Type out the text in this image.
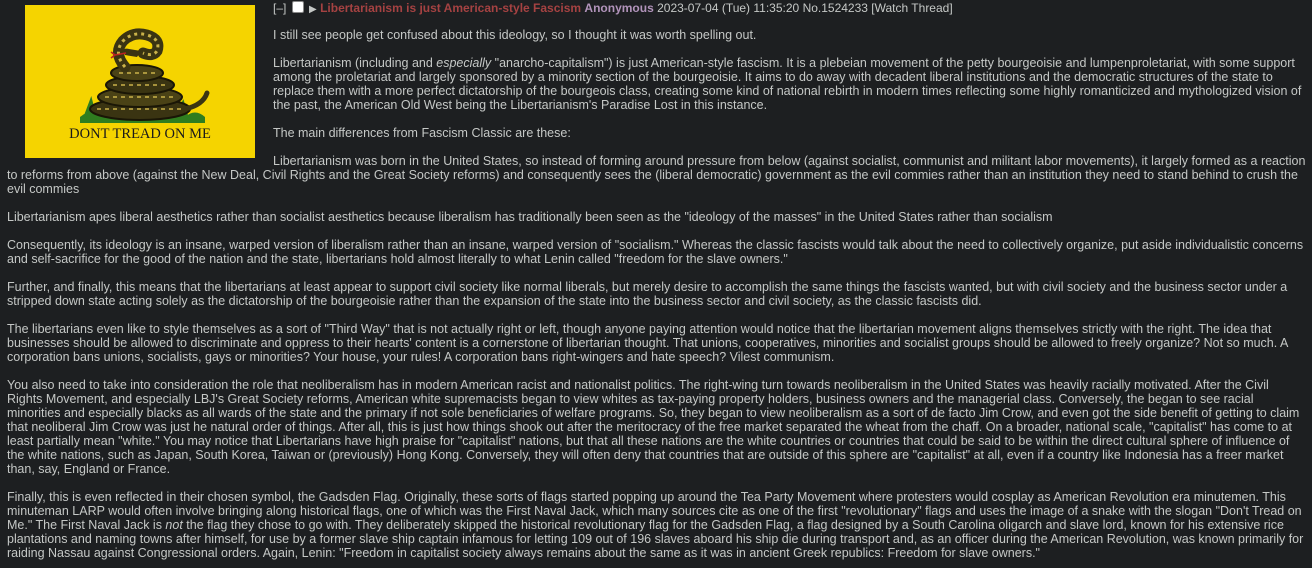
DONT TREAD ON ME
[–] ▶ Libertarianism is just American-style Fascism Anonymous 2023-07-04 (Tue) 11:35:20 No.1524233 [Watch Thread]

I still see people get confused about this ideology, so I thought it was worth spelling out.

Libertarianism (including and especially "anarcho-capitalism") is just American-style fascism. It is a plebeian movement of the petty bourgeoisie and lumpenproletariat, with some support among the proletariat and largely sponsored by a minority section of the bourgeoisie. It aims to do away with decadent liberal institutions and the democratic structures of the state to replace them with a more perfect dictatorship of the bourgeois class, creating some kind of national rebirth in modern times reflecting some highly romanticized and mythologized vision of the past, the American Old West being the Libertarianism's Paradise Lost in this instance.

The main differences from Fascism Classic are these:

Libertarianism was born in the United States, so instead of forming around pressure from below (against socialist, communist and militant labor movements), it largely formed as a reaction to reforms from above (against the New Deal, Civil Rights and the Great Society reforms) and consequently sees the (liberal democratic) government as the evil commies rather than an institution they need to stand behind to crush the evil commies

Libertarianism apes liberal aesthetics rather than socialist aesthetics because liberalism has traditionally been seen as the "ideology of the masses" in the United States rather than socialism

Consequently, its ideology is an insane, warped version of liberalism rather than an insane, warped version of "socialism." Whereas the classic fascists would talk about the need to collectively organize, put aside individualistic concerns and self-sacrifice for the good of the nation and the state, libertarians hold almost literally to what Lenin called "freedom for the slave owners."

Further, and finally, this means that the libertarians at least appear to support civil society like normal liberals, but merely desire to accomplish the same things the fascists wanted, but with civil society and the business sector under a stripped down state acting solely as the dictatorship of the bourgeoisie rather than the expansion of the state into the business sector and civil society, as the classic fascists did.

The libertarians even like to style themselves as a sort of "Third Way" that is not actually right or left, though anyone paying attention would notice that the libertarian movement aligns themselves strictly with the right. The idea that businesses should be allowed to discriminate and oppress to their hearts' content is a cornerstone of libertarian thought. That unions, cooperatives, minorities and socialist groups should be allowed to freely organize? Not so much. A corporation bans unions, socialists, gays or minorities? Your house, your rules! A corporation bans right-wingers and hate speech? Vilest communism.

You also need to take into consideration the role that neoliberalism has in modern American racist and nationalist politics. The right-wing turn towards neoliberalism in the United States was heavily racially motivated. After the Civil Rights Movement, and especially LBJ's Great Society reforms, American white supremacists began to view whites as tax-paying property holders, business owners and the managerial class. Conversely, the began to see racial minorities and especially blacks as all wards of the state and the primary if not sole beneficiaries of welfare programs. So, they began to view neoliberalism as a sort of de facto Jim Crow, and even got the side benefit of getting to claim that neoliberal Jim Crow was just he natural order of things. After all, this is just how things shook out after the meritocracy of the free market separated the wheat from the chaff. On a broader, national scale, "capitalist" has come to at least partially mean "white." You may notice that Libertarians have high praise for "capitalist" nations, but that all these nations are the white countries or countries that could be said to be within the direct cultural sphere of influence of the white nations, such as Japan, South Korea, Taiwan or (previously) Hong Kong. Conversely, they will often deny that countries that are outside of this sphere are "capitalist" at all, even if a country like Indonesia has a freer market than, say, England or France.

Finally, this is even reflected in their chosen symbol, the Gadsden Flag. Originally, these sorts of flags started popping up around the Tea Party Movement where protesters would cosplay as American Revolution era minutemen. This minuteman LARP would often involve bringing along historical flags, one of which was the First Naval Jack, which many sources cite as one of the first "revolutionary" flags and uses the image of a snake with the slogan "Don't Tread on Me." The First Naval Jack is not the flag they chose to go with. They deliberately skipped the historical revolutionary flag for the Gadsden Flag, a flag designed by a South Carolina oligarch and slave lord, known for his extensive rice plantations and naming towns after himself, for use by a former slave ship captain infamous for letting 109 out of 196 slaves aboard his ship die during transport and, as an officer during the American Revolution, was known primarily for raiding Nassau against Congressional orders. Again, Lenin: "Freedom in capitalist society always remains about the same as it was in ancient Greek republics: Freedom for slave owners."
